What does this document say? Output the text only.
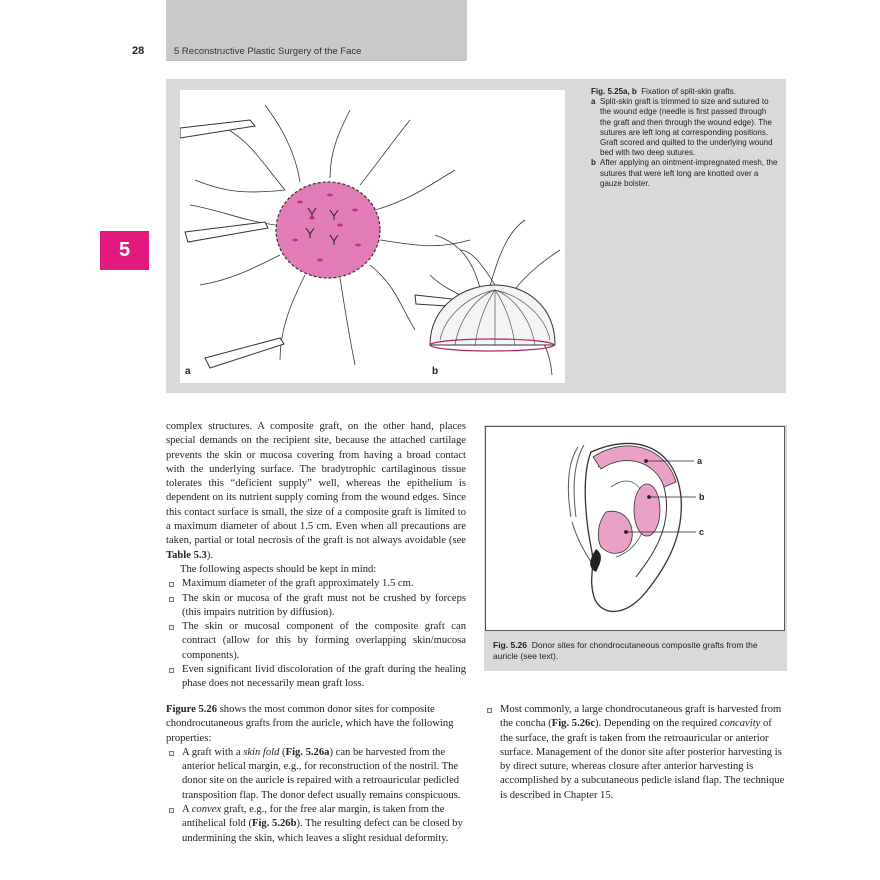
28	5 Reconstructive Plastic Surgery of the Face
5
a	b
Fig. 5.25a, b Fixation of split-skin grafts.
a Split-skin graft is trimmed to size and sutured to the wound edge (needle is first passed through the graft and then through the wound edge). The sutures are left long at corresponding positions. Graft scored and quilted to the underlying wound bed with two deep sutures.
b After applying an ointment-impregnated mesh, the sutures that were left long are knotted over a gauze bolster.
a
b
c
Fig. 5.26 Donor sites for chondrocutaneous composite grafts from the auricle (see text).

complex structures. A composite graft, on the other hand, places special demands on the recipient site, because the attached cartilage prevents the skin or mucosa covering from having a broad contact with the underlying surface. The bradytrophic cartilaginous tissue tolerates this “deficient supply” well, whereas the epithelium is dependent on its nutrient supply coming from the wound edges. Since this contact surface is small, the size of a composite graft is limited to a maximum diameter of about 1.5 cm. Even when all precautions are taken, partial or total necrosis of the graft is not always avoidable (see Table 5.3).

The following aspects should be kept in mind:

Maximum diameter of the graft approximately 1.5 cm.
The skin or mucosa of the graft must not be crushed by forceps (this impairs nutrition by diffusion).
The skin or mucosal component of the composite graft can contract (allow for this by forming overlapping skin/mucosa components).
Even significant livid discoloration of the graft during the healing phase does not necessarily mean graft loss.

Figure 5.26 shows the most common donor sites for composite chondrocutaneous grafts from the auricle, which have the following properties:

A graft with a skin fold (Fig. 5.26a) can be harvested from the anterior helical margin, e.g., for reconstruction of the nostril. The donor site on the auricle is repaired with a retroauricular pedicled transposition flap. The donor defect usually remains conspicuous.
A convex graft, e.g., for the free alar margin, is taken from the antihelical fold (Fig. 5.26b). The resulting defect can be closed by undermining the skin, which leaves a slight residual deformity.
Most commonly, a large chondrocutaneous graft is harvested from the concha (Fig. 5.26c). Depending on the required concavity of the surface, the graft is taken from the retroauricular or anterior surface. Management of the donor site after posterior harvesting is by direct suture, whereas closure after anterior harvesting is accomplished by a subcutaneous pedicle island flap. The technique is described in Chapter 15.
